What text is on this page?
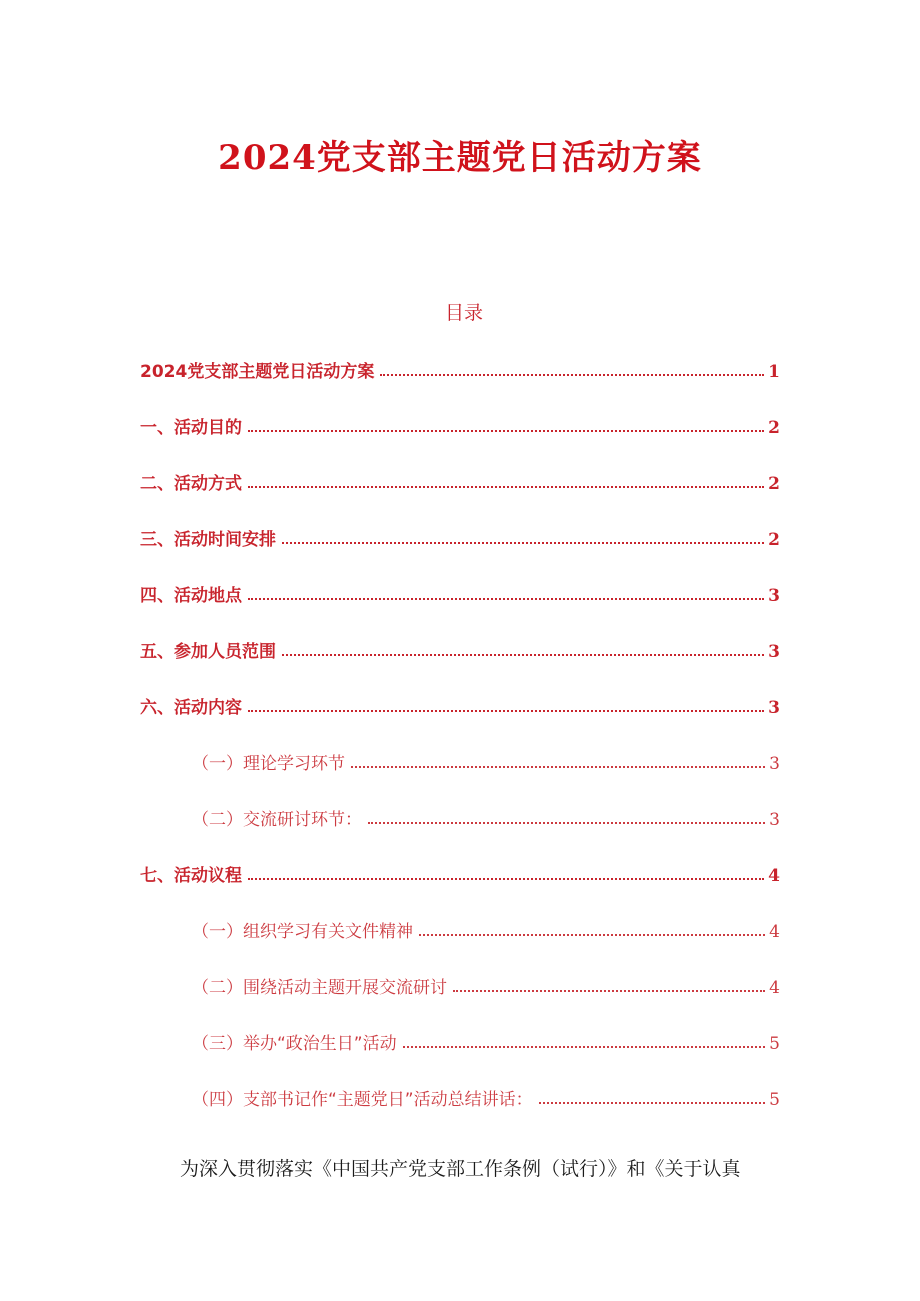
2024党支部主题党日活动方案
目录
2024党支部主题党日活动方案	1
一、活动目的	2
二、活动方式	2
三、活动时间安排	2
四、活动地点	3
五、参加人员范围	3
六、活动内容	3
（一）理论学习环节	3
（二）交流研讨环节：	3
七、活动议程	4
（一）组织学习有关文件精神	4
（二）围绕活动主题开展交流研讨	4
（三）举办“政治生日”活动	5
（四）支部书记作“主题党日”活动总结讲话：	5

为深入贯彻落实《中国共产党支部工作条例（试行）》和《关于认真
